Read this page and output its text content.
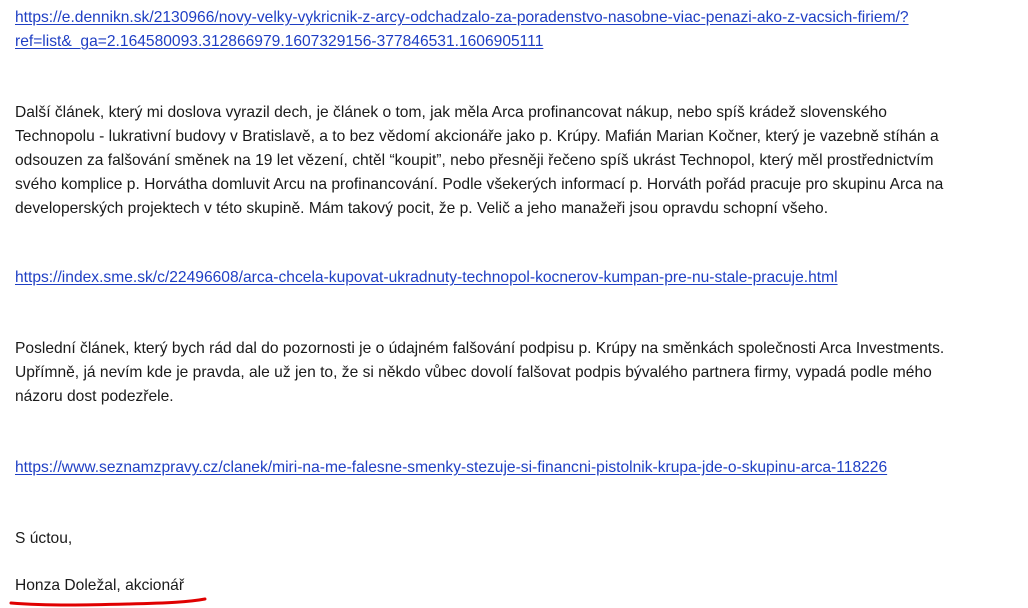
https://e.dennikn.sk/2130966/novy-velky-vykricnik-z-arcy-odchadzalo-za-poradenstvo-nasobne-viac-penazi-ako-z-vacsich-firiem/?
ref=list&_ga=2.164580093.312866979.1607329156-377846531.1606905111

Další článek, který mi doslova vyrazil dech, je článek o tom, jak měla Arca profinancovat nákup, nebo spíš krádež slovenského
Technopolu - lukrativní budovy v Bratislavě, a to bez vědomí akcionáře jako p. Krúpy. Mafián Marian Kočner, který je vazebně stíhán a
odsouzen za falšování směnek na 19 let vězení, chtěl “koupit”, nebo přesněji řečeno spíš ukrást Technopol, který měl prostřednictvím
svého komplice p. Horvátha domluvit Arcu na profinancování. Podle všekerých informací p. Horváth pořád pracuje pro skupinu Arca na
developerských projektech v této skupině. Mám takový pocit, že p. Velič a jeho manažeři jsou opravdu schopní všeho.

https://index.sme.sk/c/22496608/arca-chcela-kupovat-ukradnuty-technopol-kocnerov-kumpan-pre-nu-stale-pracuje.html

Poslední článek, který bych rád dal do pozornosti je o údajném falšování podpisu p. Krúpy na směnkách společnosti Arca Investments.
Upřímně, já nevím kde je pravda, ale už jen to, že si někdo vůbec dovolí falšovat podpis bývalého partnera firmy, vypadá podle mého
názoru dost podezřele.

https://www.seznamzpravy.cz/clanek/miri-na-me-falesne-smenky-stezuje-si-financni-pistolnik-krupa-jde-o-skupinu-arca-118226

S úctou,

Honza Doležal, akcionář
